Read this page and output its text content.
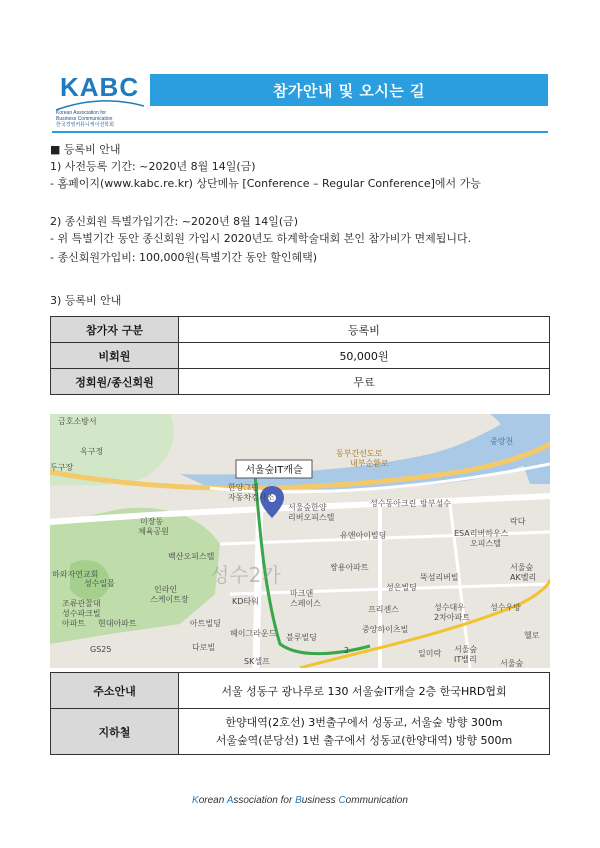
KABC
Korean Association for
Business Communication
한국경영커뮤니케이션학회
참가안내 및 오시는 길
■ 등록비 안내
1) 사전등록 기간: ~2020년 8월 14일(금)
- 홈페이지(www.kabc.re.kr) 상단메뉴 [Conference – Regular Conference]에서 가능
2) 종신회원 특별가입기간: ~2020년 8월 14일(금)
- 위 특별기간 동안 종신회원 가입시 2020년도 하계학술대회 본인 참가비가 면제됩니다.
- 종신회원가입비: 100,000원(특별기간 동안 할인혜택)
3) 등록비 안내
참가자 구분	등록비
비회원	50,000원
정회원/종신회원	무료
서울숲IT캐슬
금호소방서
옥구정
두구장
한양그린
자동차검사소
서울숲한양
리버오피스텔
성수동아크린 방부성수
미장동
체육공원	유앤아이빌딩	ESA리버하우스
오피스텔
백산오피스텔
쌍용아파트
하와자연교회
성수일몰
인라인
스케이트장
조류관찰대
성수파크빌
아파트 현대아파트
KD타워
마크앤
스페이스
아트빌딩
헤이그라운드 블루빌딩
다로빌
GS25
SK셀프
프리센스
중앙하이츠빌
성수대우
2차아파트
성수우방
서울숲
AK벨리
일미락 서울숲
IT밸리
헬로
동부간선도로
내부순환로
뚝섬리버빌
성은빌딩
락다
서울숲
중랑천
2
성수2가
주소안내	서울 성동구 광나루로 130 서울숲IT캐슬 2층 한국HRD협회
지하철	한양대역(2호선) 3번출구에서 성동교, 서울숲 방향 300m
서울숲역(분당선) 1번 출구에서 성동교(한양대역) 방향 500m
Korean Association for Business Communication
